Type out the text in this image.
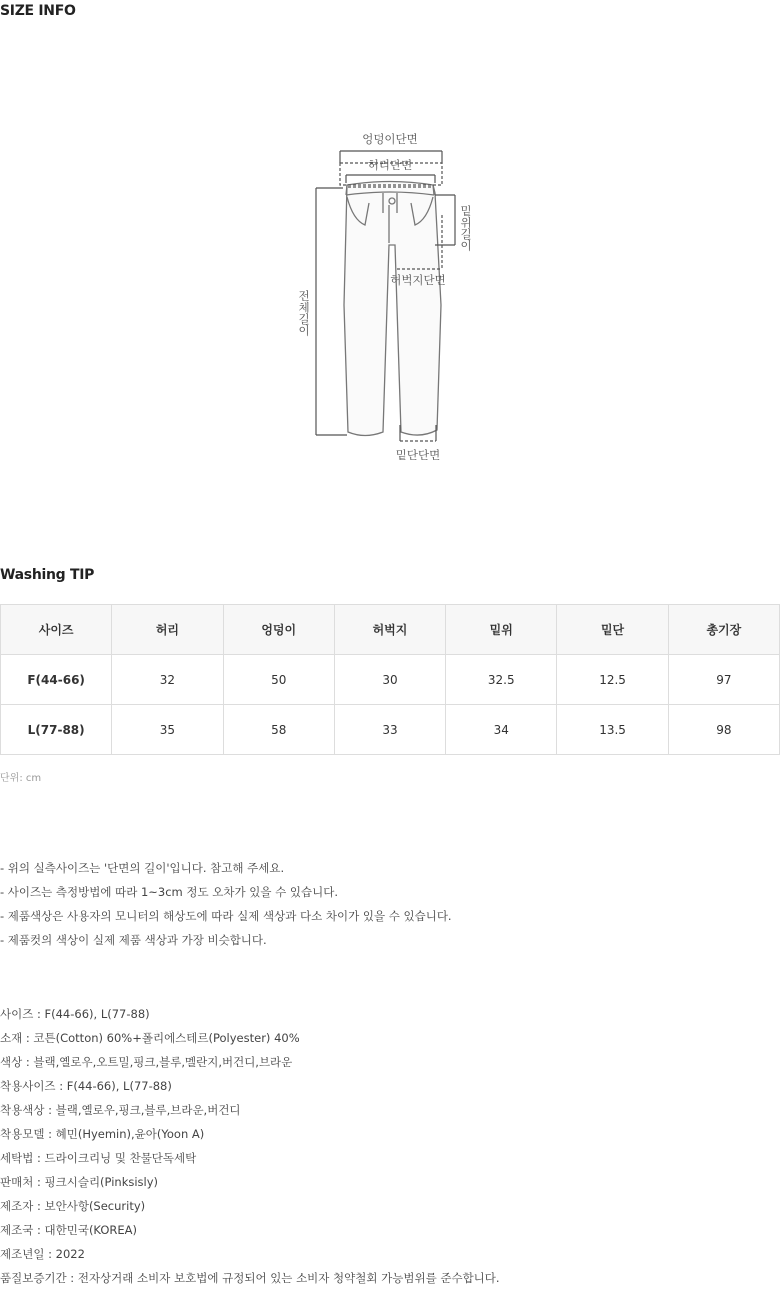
SIZE INFO
엉덩이단면
허리단면
허벅지단면
밑단단면
밑위길이
전체길이
Washing TIP
사이즈	허리	엉덩이	허벅지	밑위	밑단	총기장
F(44-66)	32	50	30	32.5	12.5	97
L(77-88)	35	58	33	34	13.5	98
단위: cm
- 위의 실측사이즈는 '단면의 길이'입니다. 참고해 주세요.
- 사이즈는 측정방법에 따라 1~3cm 정도 오차가 있을 수 있습니다.
- 제품색상은 사용자의 모니터의 해상도에 따라 실제 색상과 다소 차이가 있을 수 있습니다.
- 제품컷의 색상이 실제 제품 색상과 가장 비슷합니다.
사이즈 : F(44-66), L(77-88)
소재 : 코튼(Cotton) 60%+폴리에스테르(Polyester) 40%
색상 : 블랙,옐로우,오트밀,핑크,블루,멜란지,버건디,브라운
착용사이즈 : F(44-66), L(77-88)
착용색상 : 블랙,옐로우,핑크,블루,브라운,버건디
착용모델 : 혜민(Hyemin),윤아(Yoon A)
세탁법 : 드라이크리닝 및 찬물단독세탁
판매처 : 핑크시슬리(Pinksisly)
제조자 : 보안사항(Security)
제조국 : 대한민국(KOREA)
제조년일 : 2022
품질보증기간 : 전자상거래 소비자 보호법에 규정되어 있는 소비자 청약철회 가능범위를 준수합니다.
